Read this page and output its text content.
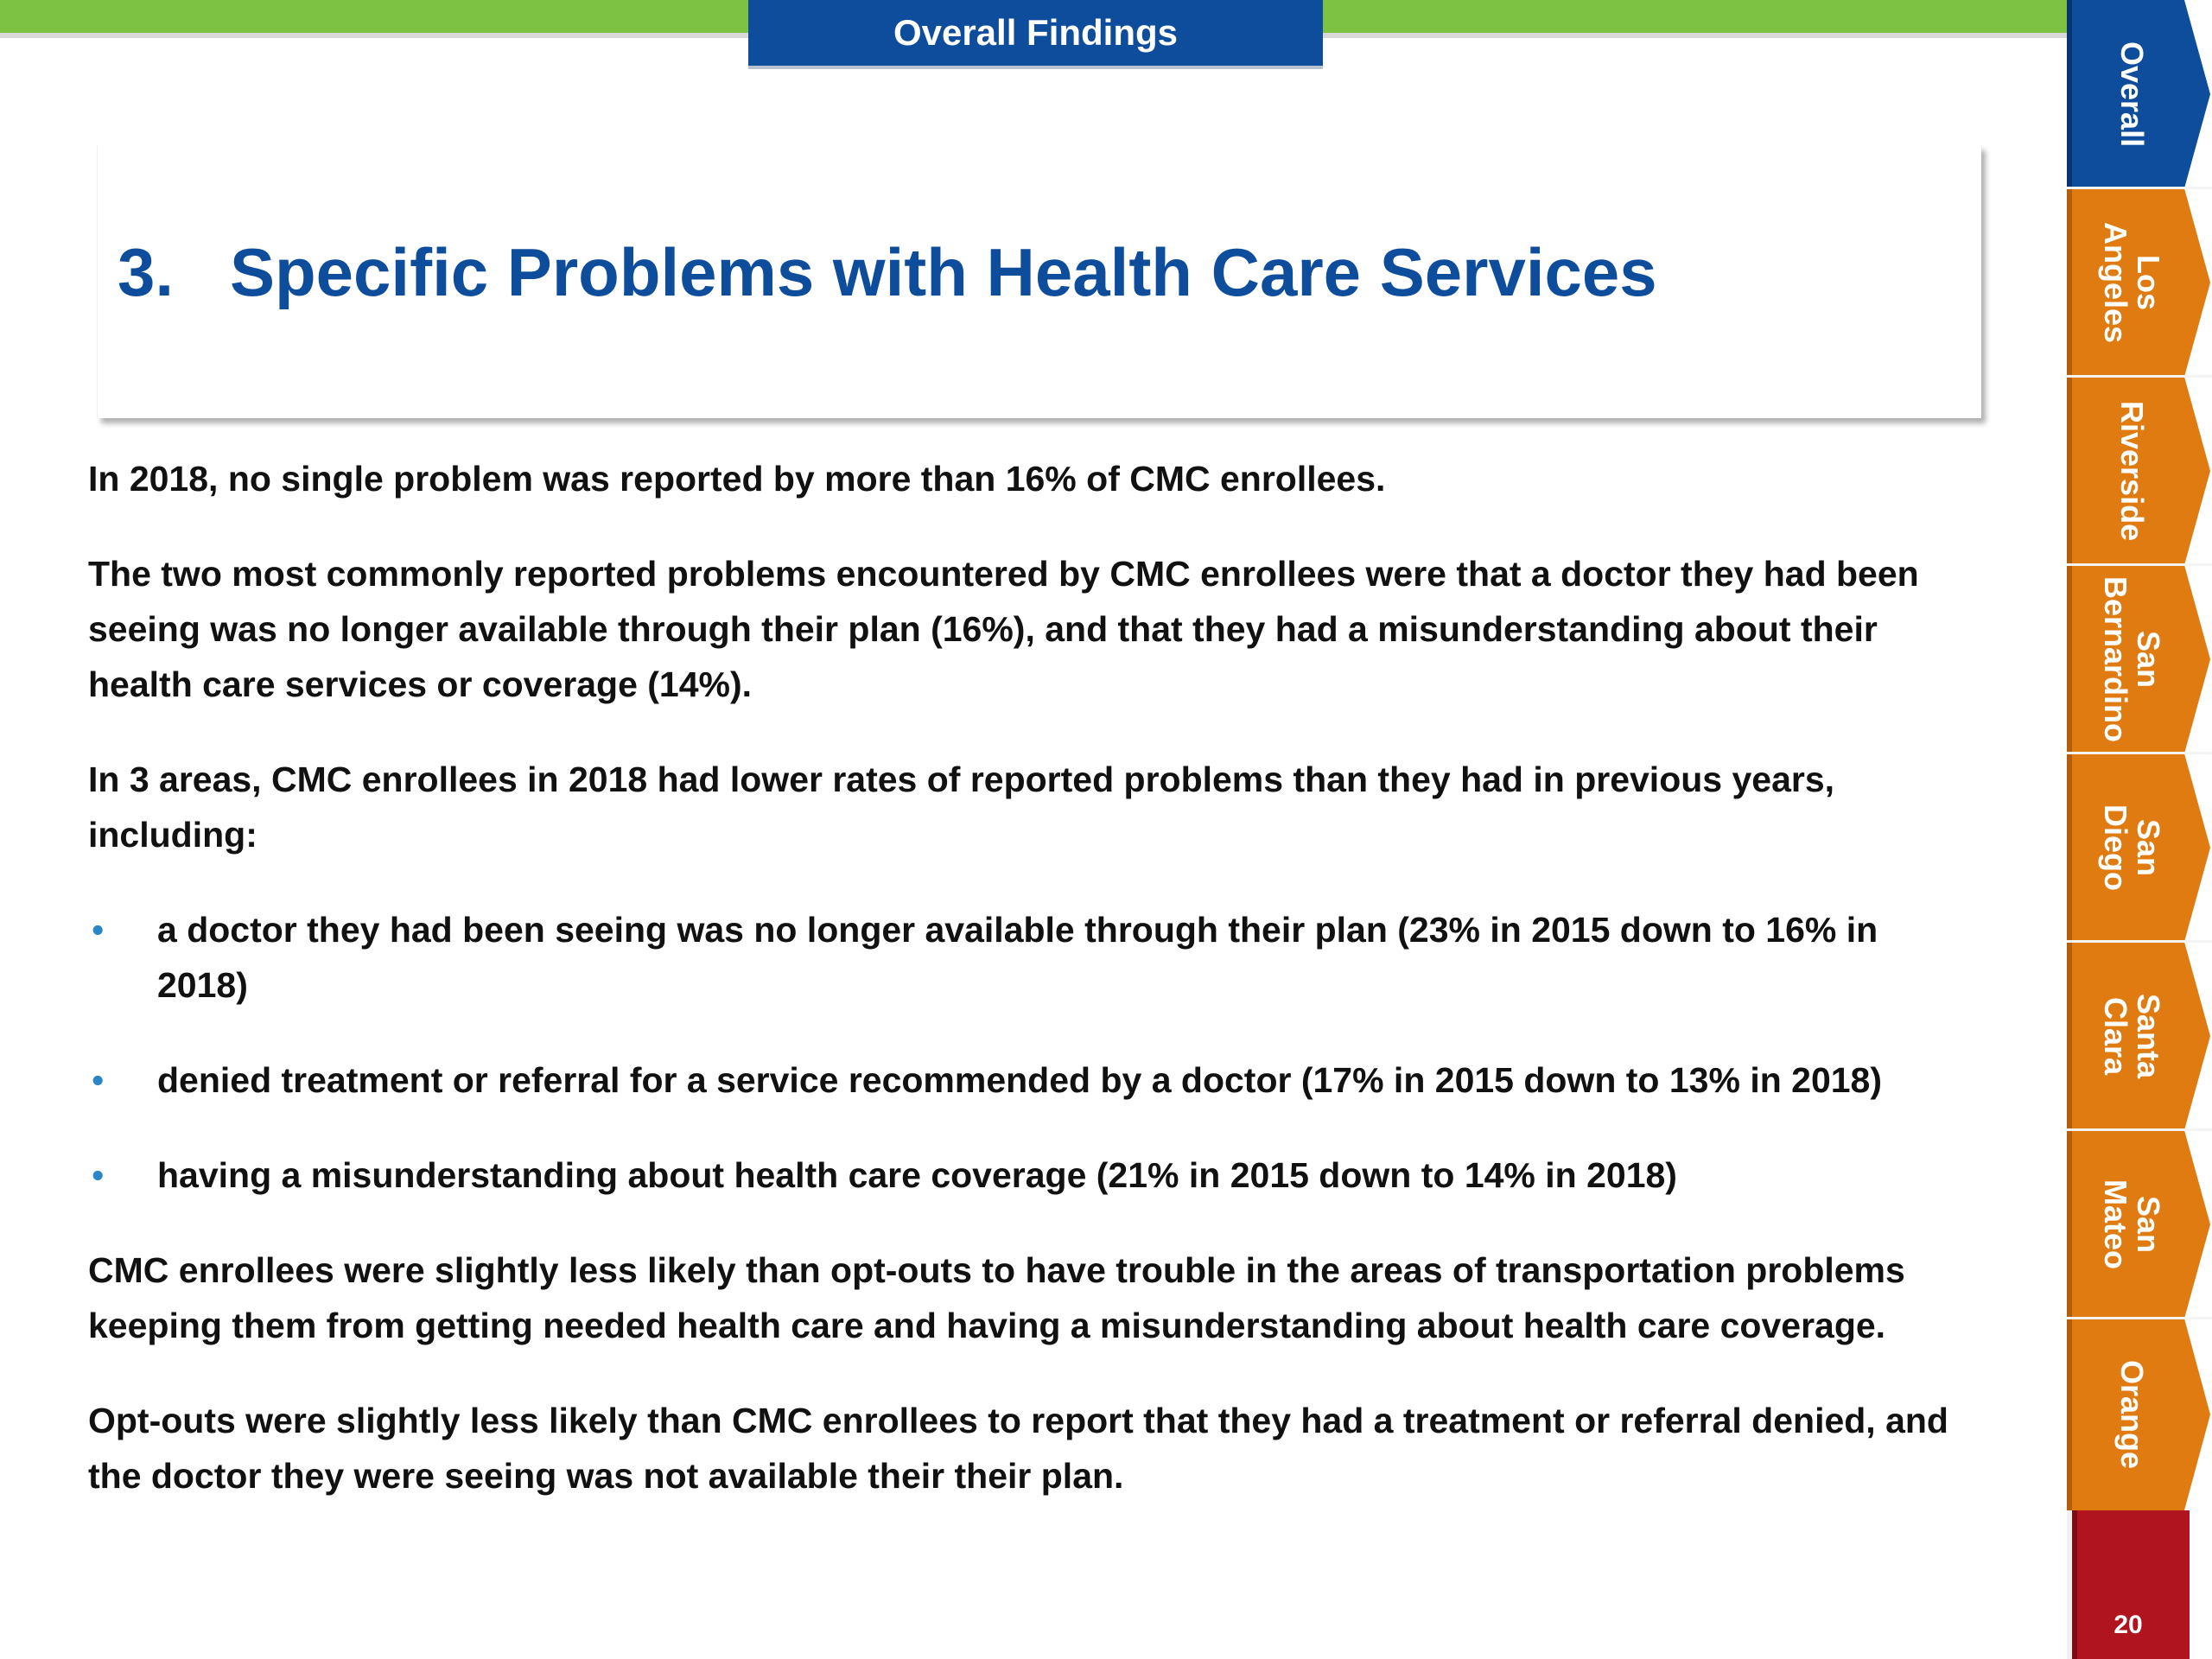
Overall Findings
3. Specific Problems with Health Care Services

In 2018, no single problem was reported by more than 16% of CMC enrollees.

The two most commonly reported problems encountered by CMC enrollees were that a doctor they had been seeing was no longer available through their plan (16%), and that they had a misunderstanding about their health care services or coverage (14%).

In 3 areas, CMC enrollees in 2018 had lower rates of reported problems than they had in previous years, including:

• a doctor they had been seeing was no longer available through their plan (23% in 2015 down to 16% in 2018)

• denied treatment or referral for a service recommended by a doctor (17% in 2015 down to 13% in 2018)

• having a misunderstanding about health care coverage (21% in 2015 down to 14% in 2018)

CMC enrollees were slightly less likely than opt-outs to have trouble in the areas of transportation problems keeping them from getting needed health care and having a misunderstanding about health care coverage.

Opt-outs were slightly less likely than CMC enrollees to report that they had a treatment or referral denied, and the doctor they were seeing was not available their their plan.

Overall
Los
Angeles
Riverside
San
Bernardino
San
Diego
Santa
Clara
San
Mateo
Orange
20
